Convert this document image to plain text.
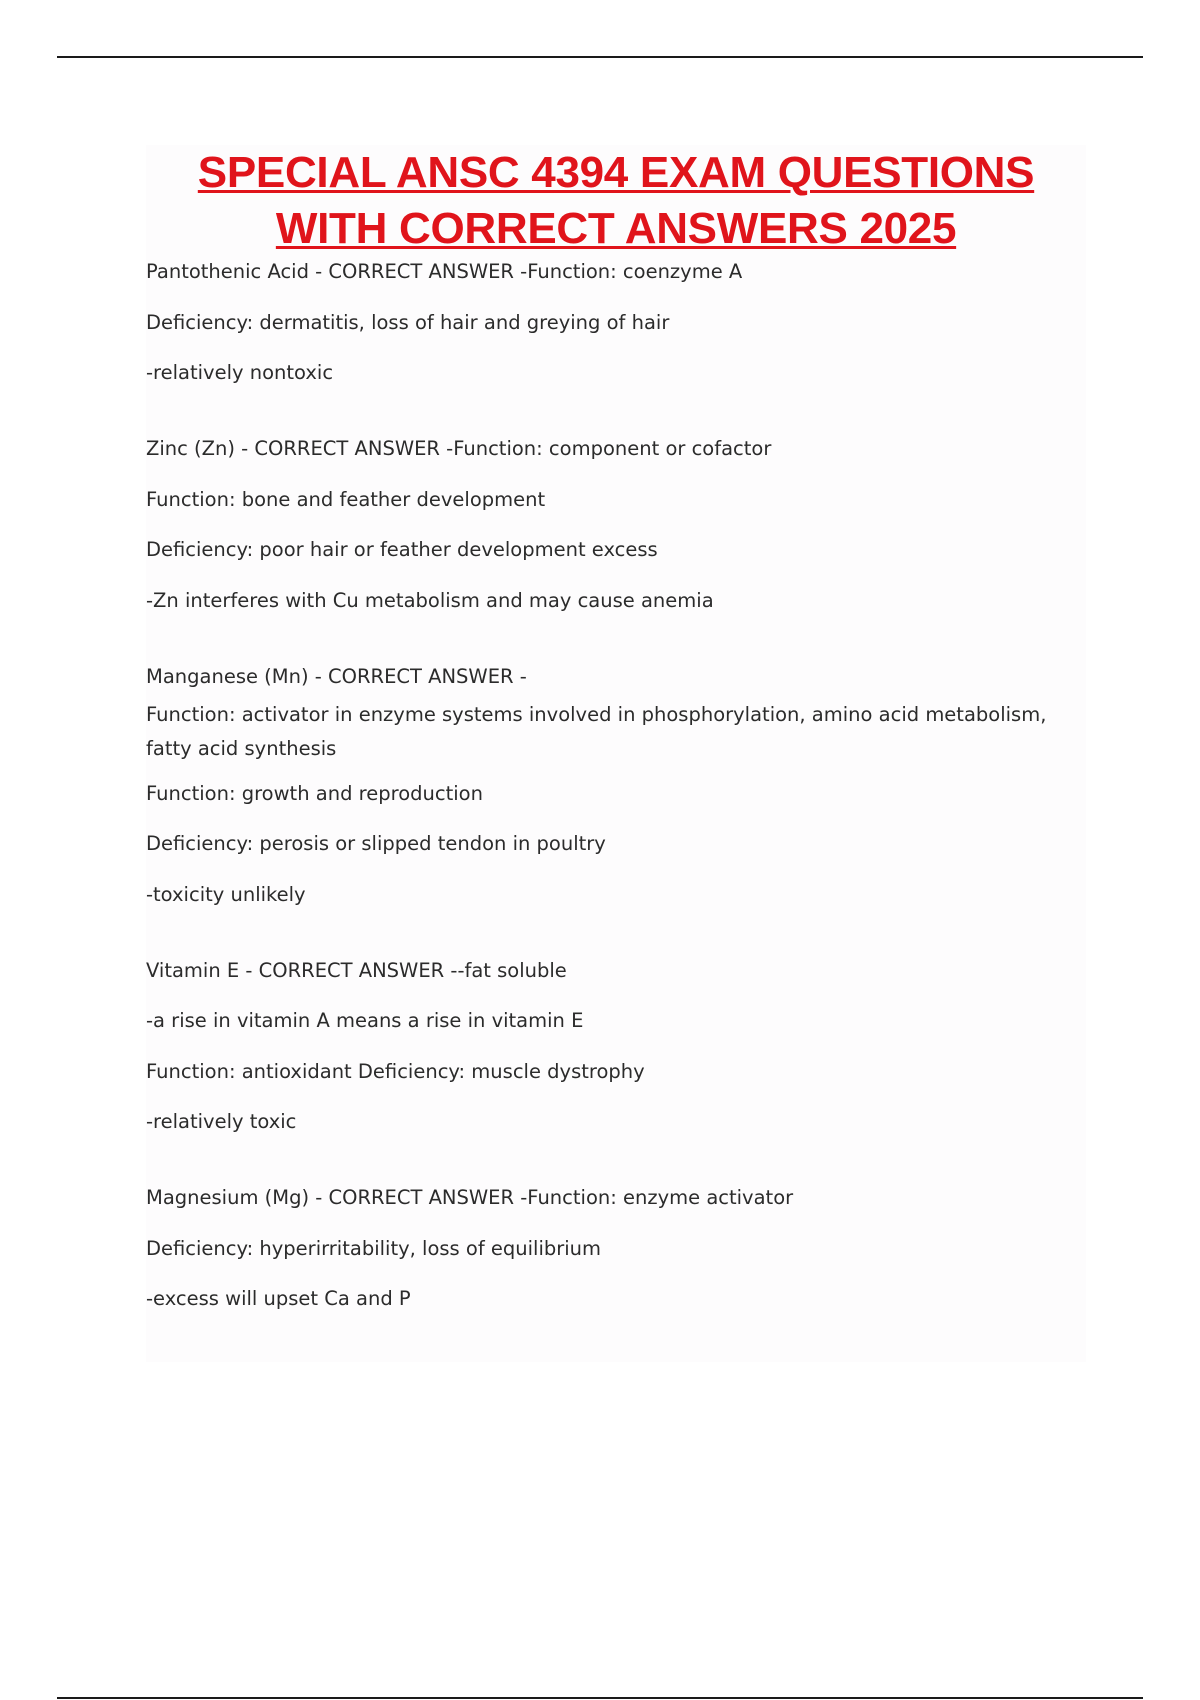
SPECIAL ANSC 4394 EXAM QUESTIONS
WITH CORRECT ANSWERS 2025

Pantothenic Acid - CORRECT ANSWER -Function: coenzyme A

Deficiency: dermatitis, loss of hair and greying of hair

-relatively nontoxic

Zinc (Zn) - CORRECT ANSWER -Function: component or cofactor

Function: bone and feather development

Deficiency: poor hair or feather development excess

-Zn interferes with Cu metabolism and may cause anemia

Manganese (Mn) - CORRECT ANSWER -

Function: activator in enzyme systems involved in phosphorylation, amino acid metabolism, fatty acid synthesis

Function: growth and reproduction

Deficiency: perosis or slipped tendon in poultry

-toxicity unlikely

Vitamin E - CORRECT ANSWER --fat soluble

-a rise in vitamin A means a rise in vitamin E

Function: antioxidant Deficiency: muscle dystrophy

-relatively toxic

Magnesium (Mg) - CORRECT ANSWER -Function: enzyme activator

Deficiency: hyperirritability, loss of equilibrium

-excess will upset Ca and P
